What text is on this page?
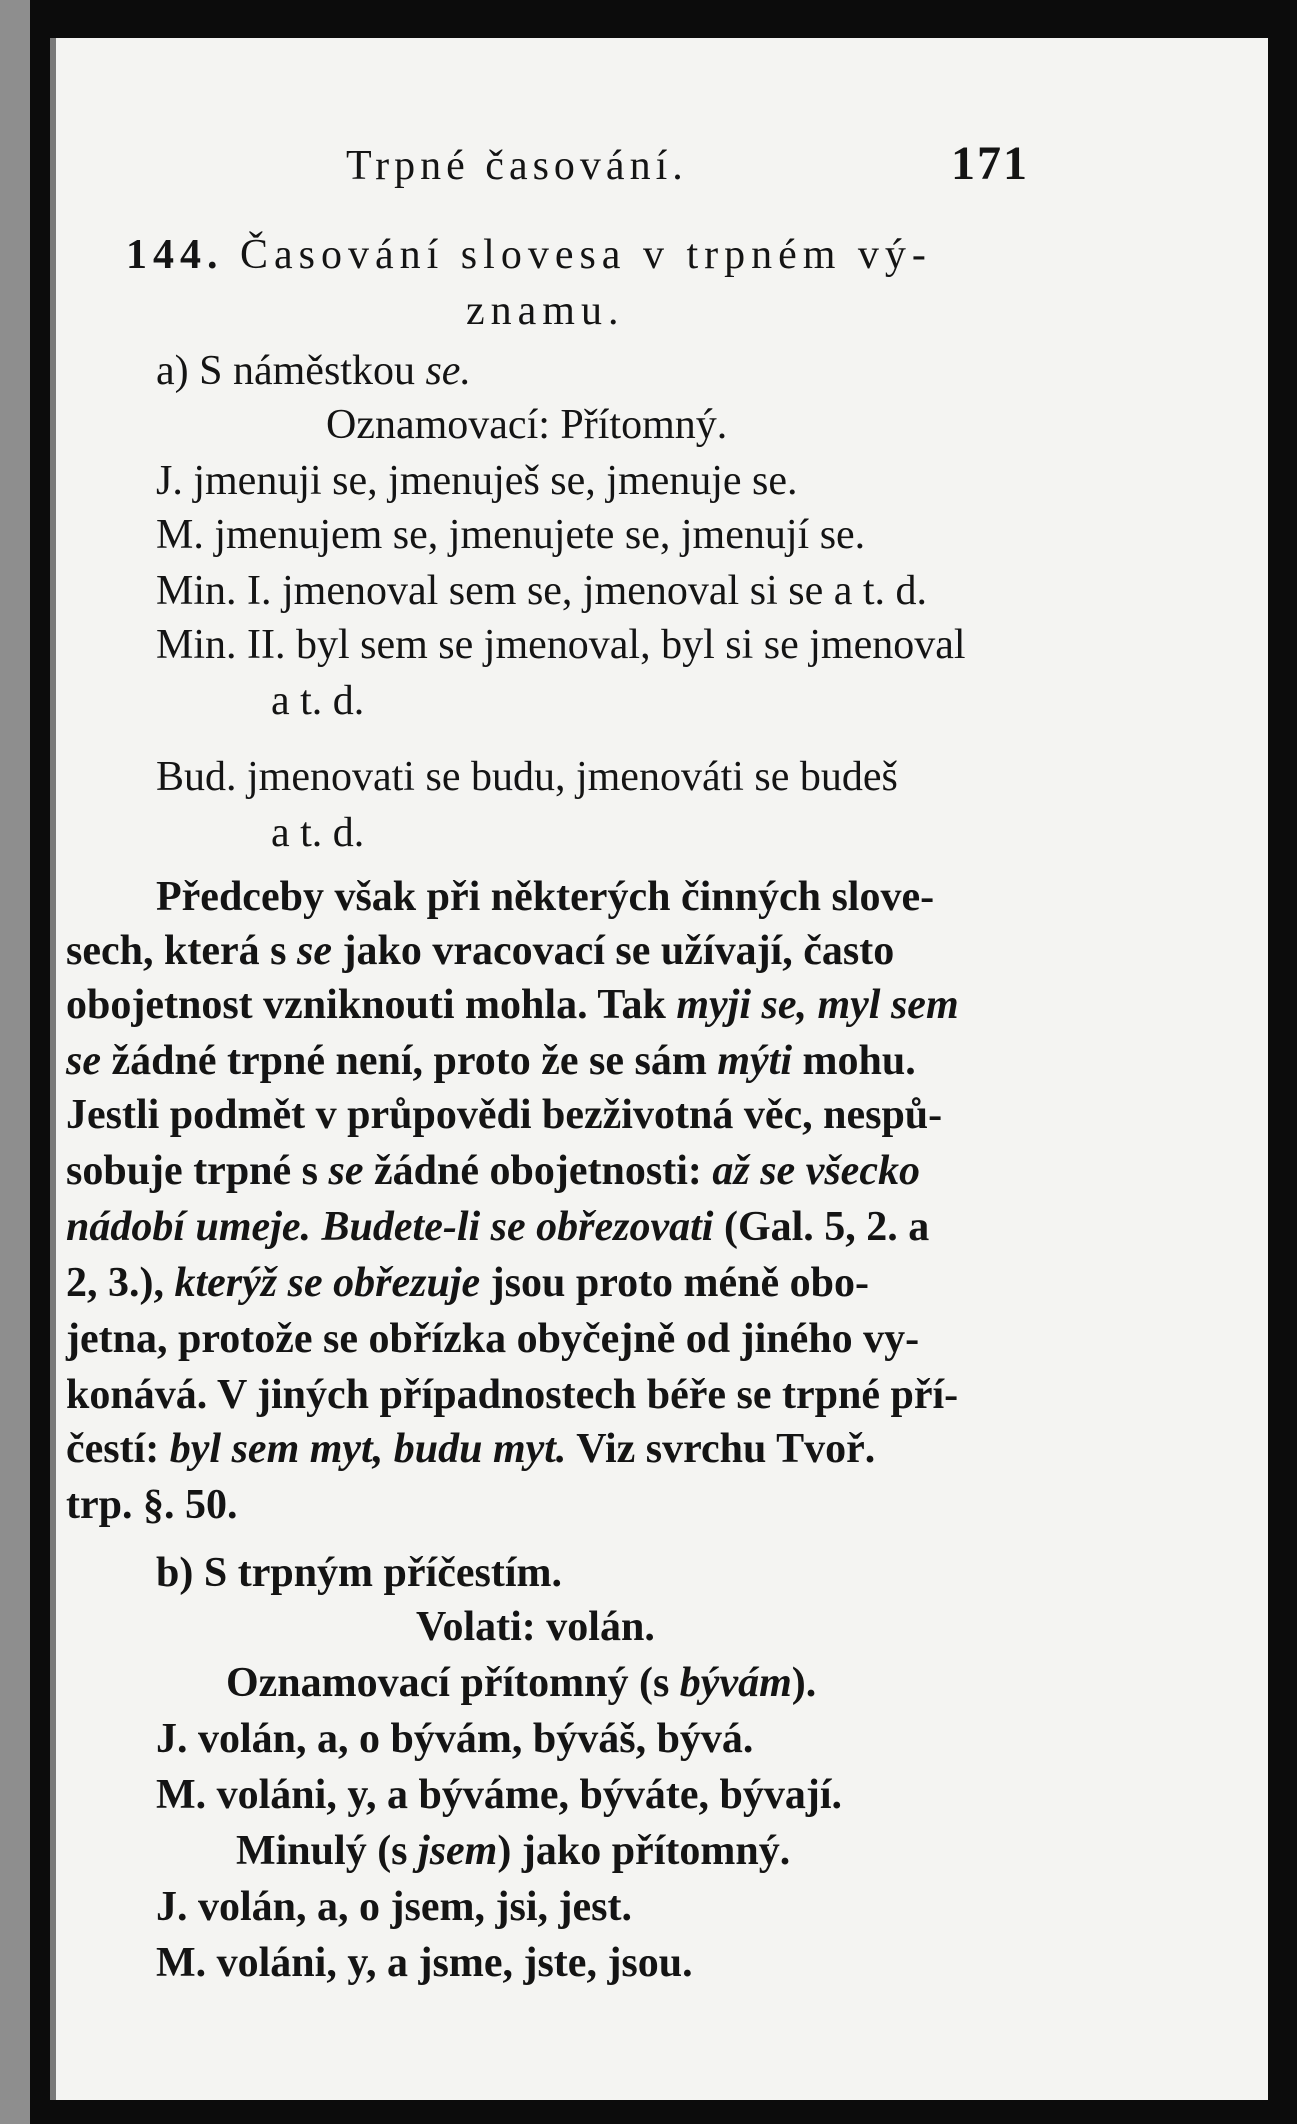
Trpné časování.	171
144. Časování slovesa v trpném vý-
znamu.
a) S náměstkou se.
Oznamovací: Přítomný.
J. jmenuji se, jmenuješ se, jmenuje se.
M. jmenujem se, jmenujete se, jmenují se.
Min. I. jmenoval sem se, jmenoval si se a t. d.
Min. II. byl sem se jmenoval, byl si se jmenoval
a t. d.
Bud. jmenovati se budu, jmenováti se budeš
a t. d.
Předceby však při některých činných slove-
sech, která s se jako vracovací se užívají, často
obojetnost vzniknouti mohla. Tak myji se, myl sem
se žádné trpné není, proto že se sám mýti mohu.
Jestli podmět v průpovědi bezživotná věc, nespů-
sobuje trpné s se žádné obojetnosti: až se všecko
nádobí umeje. Budete-li se obřezovati (Gal. 5, 2. a
2, 3.), kterýž se obřezuje jsou proto méně obo-
jetna, protože se obřízka obyčejně od jiného vy-
konává. V jiných případnostech béře se trpné pří-
čestí: byl sem myt, budu myt. Viz svrchu Tvoř.
trp. §. 50.
b) S trpným příčestím.
Volati: volán.
Oznamovací přítomný (s bývám).
J. volán, a, o bývám, býváš, bývá.
M. voláni, y, a býváme, býváte, bývají.
Minulý (s jsem) jako přítomný.
J. volán, a, o jsem, jsi, jest.
M. voláni, y, a jsme, jste, jsou.
